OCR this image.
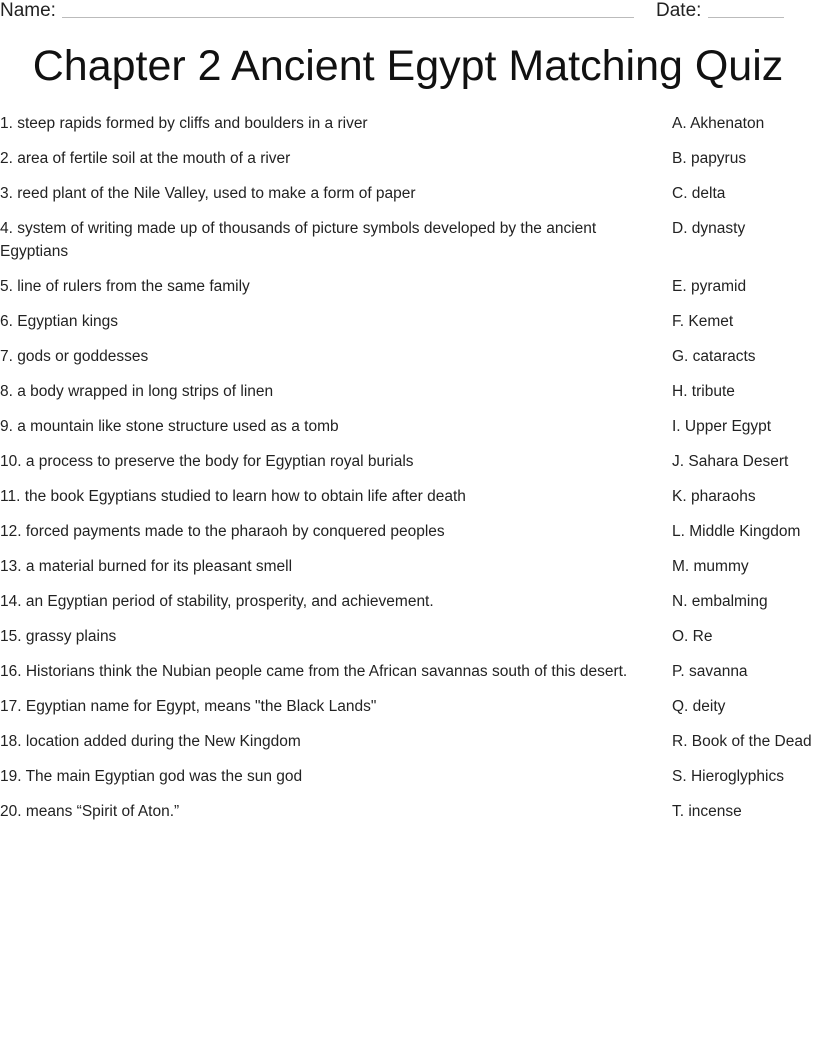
Name:	Date:
Chapter 2 Ancient Egypt Matching Quiz
1. steep rapids formed by cliffs and boulders in a river
2. area of fertile soil at the mouth of a river
3. reed plant of the Nile Valley, used to make a form of paper
4. system of writing made up of thousands of picture symbols developed by the ancient Egyptians
5. line of rulers from the same family
6. Egyptian kings
7. gods or goddesses
8. a body wrapped in long strips of linen
9. a mountain like stone structure used as a tomb
10. a process to preserve the body for Egyptian royal burials
11. the book Egyptians studied to learn how to obtain life after death
12. forced payments made to the pharaoh by conquered peoples
13. a material burned for its pleasant smell
14. an Egyptian period of stability, prosperity, and achievement.
15. grassy plains
16. Historians think the Nubian people came from the African savannas south of this desert.
17. Egyptian name for Egypt, means "the Black Lands"
18. location added during the New Kingdom
19. The main Egyptian god was the sun god
20. means “Spirit of Aton.”
A. Akhenaton
B. papyrus
C. delta
D. dynasty
E. pyramid
F. Kemet
G. cataracts
H. tribute
I. Upper Egypt
J. Sahara Desert
K. pharaohs
L. Middle Kingdom
M. mummy
N. embalming
O. Re
P. savanna
Q. deity
R. Book of the Dead
S. Hieroglyphics
T. incense
